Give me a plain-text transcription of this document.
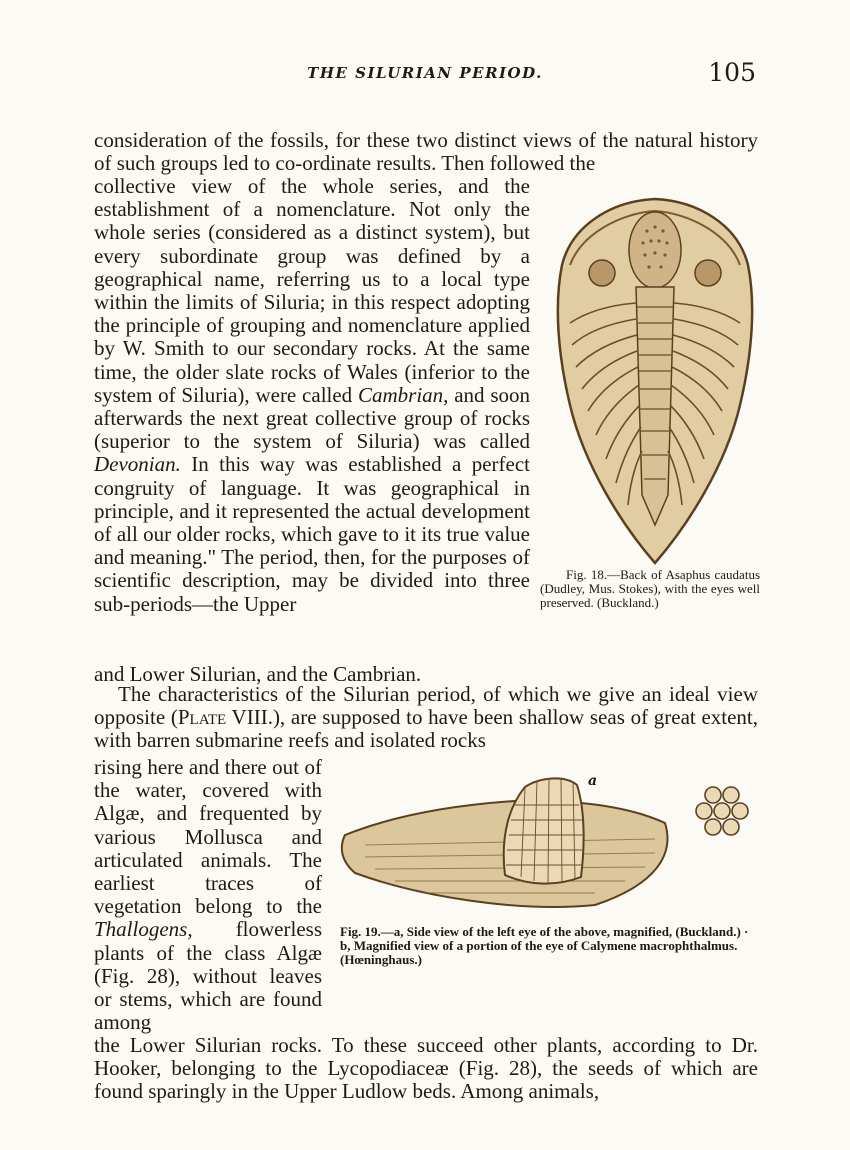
THE SILURIAN PERIOD.	105

consideration of the fossils, for these two distinct views of the natural history of such groups led to co-ordinate results. Then followed the

collective view of the whole series, and the establishment of a nomenclature. Not only the whole series (considered as a distinct system), but every subordinate group was defined by a geographical name, referring us to a local type within the limits of Siluria; in this respect adopting the principle of grouping and nomenclature applied by W. Smith to our secondary rocks. At the same time, the older slate rocks of Wales (inferior to the system of Siluria), were called Cambrian, and soon afterwards the next great collective group of rocks (superior to the system of Siluria) was called Devonian. In this way was established a perfect congruity of language. It was geographical in principle, and it represented the actual development of all our older rocks, which gave to it its true value and meaning." The period, then, for the purposes of scientific description, may be divided into three sub-periods—the Upper

and Lower Silurian, and the Cambrian.

The characteristics of the Silurian period, of which we give an ideal view opposite (Plate VIII.), are supposed to have been shallow seas of great extent, with barren submarine reefs and isolated rocks

rising here and there out of the water, covered with Algæ, and frequented by various Mollusca and articulated animals. The earliest traces of vegetation belong to the Thallogens, flowerless plants of the class Algæ (Fig. 28), without leaves or stems, which are found among

the Lower Silurian rocks. To these succeed other plants, according to Dr. Hooker, belonging to the Lycopodiaceæ (Fig. 28), the seeds of which are found sparingly in the Upper Ludlow beds. Among animals,

Fig. 18.—Back of Asaphus caudatus (Dudley, Mus. Stokes), with the eyes well preserved. (Buckland.)
a
Fig. 19.—a, Side view of the left eye of the above, magnified, (Buckland.) · b, Magnified view of a portion of the eye of Calymene macrophthalmus. (Hœninghaus.)
